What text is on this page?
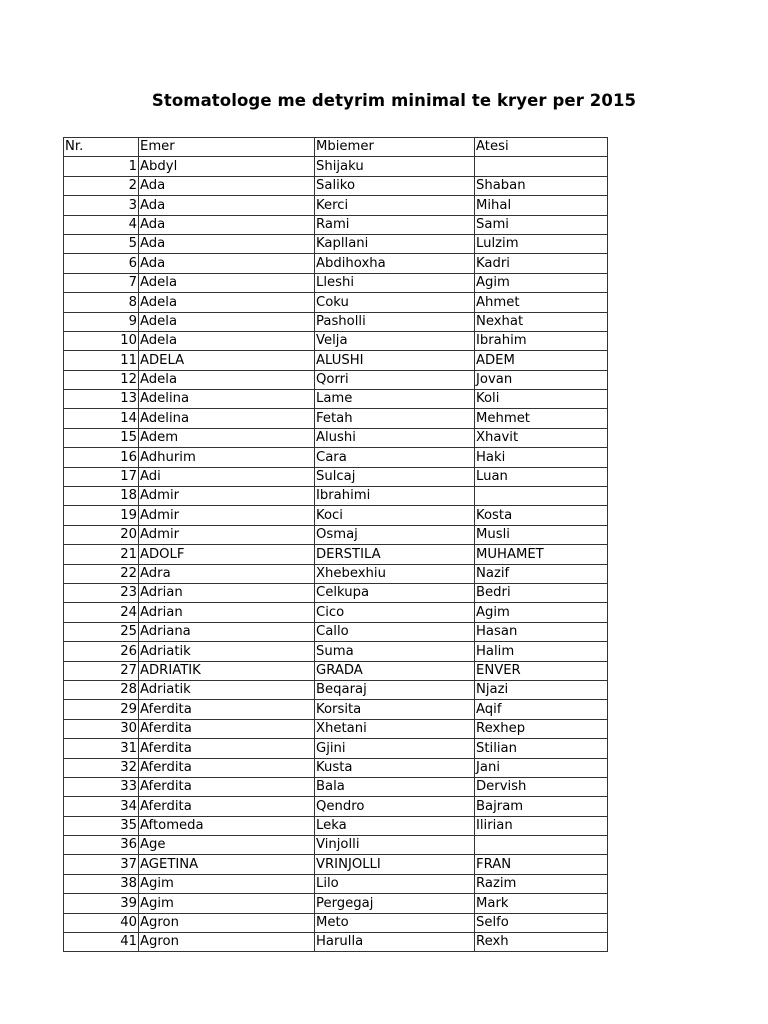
Stomatologe me detyrim minimal te kryer per 2015
Nr.	Emer	Mbiemer	Atesi
1	Abdyl	Shijaku	
2	Ada	Saliko	Shaban
3	Ada	Kerci	Mihal
4	Ada	Rami	Sami
5	Ada	Kapllani	Lulzim
6	Ada	Abdihoxha	Kadri
7	Adela	Lleshi	Agim
8	Adela	Coku	Ahmet
9	Adela	Pasholli	Nexhat
10	Adela	Velja	Ibrahim
11	ADELA	ALUSHI	ADEM
12	Adela	Qorri	Jovan
13	Adelina	Lame	Koli
14	Adelina	Fetah	Mehmet
15	Adem	Alushi	Xhavit
16	Adhurim	Cara	Haki
17	Adi	Sulcaj	Luan
18	Admir	Ibrahimi	
19	Admir	Koci	Kosta
20	Admir	Osmaj	Musli
21	ADOLF	DERSTILA	MUHAMET
22	Adra	Xhebexhiu	Nazif
23	Adrian	Celkupa	Bedri
24	Adrian	Cico	Agim
25	Adriana	Callo	Hasan
26	Adriatik	Suma	Halim
27	ADRIATIK	GRADA	ENVER
28	Adriatik	Beqaraj	Njazi
29	Aferdita	Korsita	Aqif
30	Aferdita	Xhetani	Rexhep
31	Aferdita	Gjini	Stilian
32	Aferdita	Kusta	Jani
33	Aferdita	Bala	Dervish
34	Aferdita	Qendro	Bajram
35	Aftomeda	Leka	Ilirian
36	Age	Vinjolli	
37	AGETINA	VRINJOLLI	FRAN
38	Agim	Lilo	Razim
39	Agim	Pergegaj	Mark
40	Agron	Meto	Selfo
41	Agron	Harulla	Rexh
